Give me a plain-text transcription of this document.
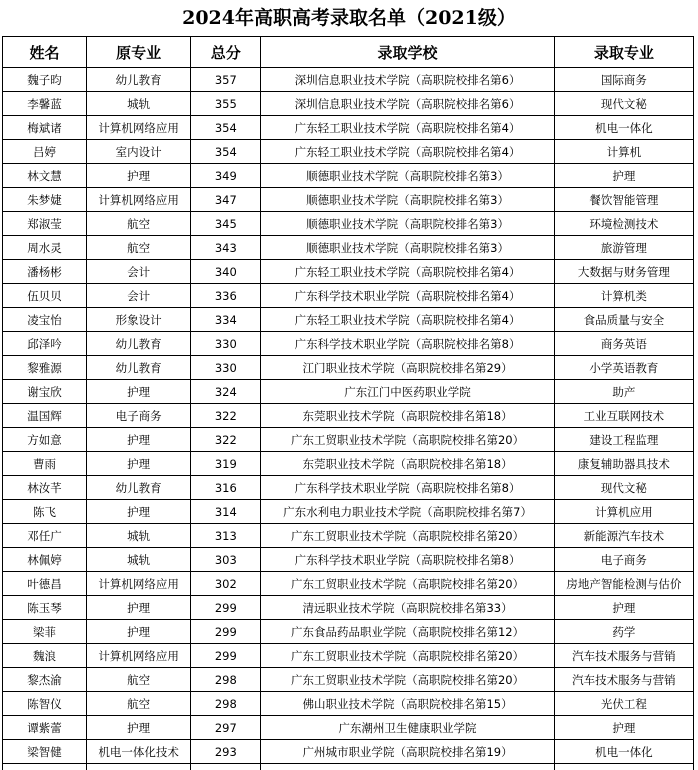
2024年高职高考录取名单（2021级）
姓名	原专业	总分	录取学校	录取专业
魏子昀	幼儿教育	357	深圳信息职业技术学院（高职院校排名第6）	国际商务
李馨蓝	城轨	355	深圳信息职业技术学院（高职院校排名第6）	现代文秘
梅斌诸	计算机网络应用	354	广东轻工职业技术学院（高职院校排名第4）	机电一体化
吕婷	室内设计	354	广东轻工职业技术学院（高职院校排名第4）	计算机
林文慧	护理	349	顺德职业技术学院（高职院校排名第3）	护理
朱梦婕	计算机网络应用	347	顺德职业技术学院（高职院校排名第3）	餐饮智能管理
郑淑莹	航空	345	顺德职业技术学院（高职院校排名第3）	环境检测技术
周水灵	航空	343	顺德职业技术学院（高职院校排名第3）	旅游管理
潘杨彬	会计	340	广东轻工职业技术学院（高职院校排名第4）	大数据与财务管理
伍贝贝	会计	336	广东科学技术职业学院（高职院校排名第4）	计算机类
凌宝怡	形象设计	334	广东轻工职业技术学院（高职院校排名第4）	食品质量与安全
邱泽吟	幼儿教育	330	广东科学技术职业学院（高职院校排名第8）	商务英语
黎雅源	幼儿教育	330	江门职业技术学院（高职院校排名第29）	小学英语教育
谢宝欣	护理	324	广东江门中医药职业学院	助产
温国辉	电子商务	322	东莞职业技术学院（高职院校排名第18）	工业互联网技术
方如意	护理	322	广东工贸职业技术学院（高职院校排名第20）	建设工程监理
曹雨	护理	319	东莞职业技术学院（高职院校排名第18）	康复辅助器具技术
林汝芊	幼儿教育	316	广东科学技术职业学院（高职院校排名第8）	现代文秘
陈飞	护理	314	广东水利电力职业技术学院（高职院校排名第7）	计算机应用
邓任广	城轨	313	广东工贸职业技术学院（高职院校排名第20）	新能源汽车技术
林佩婷	城轨	303	广东科学技术职业学院（高职院校排名第8）	电子商务
叶德昌	计算机网络应用	302	广东工贸职业技术学院（高职院校排名第20）	房地产智能检测与估价
陈玉琴	护理	299	清远职业技术学院（高职院校排名第33）	护理
梁菲	护理	299	广东食品药品职业学院（高职院校排名第12）	药学
魏浪	计算机网络应用	299	广东工贸职业技术学院（高职院校排名第20）	汽车技术服务与营销
黎杰渝	航空	298	广东工贸职业技术学院（高职院校排名第20）	汽车技术服务与营销
陈智仪	航空	298	佛山职业技术学院（高职院校排名第15）	光伏工程
谭紫蕾	护理	297	广东潮州卫生健康职业学院	护理
梁智健	机电一体化技术	293	广州城市职业学院（高职院校排名第19）	机电一体化
